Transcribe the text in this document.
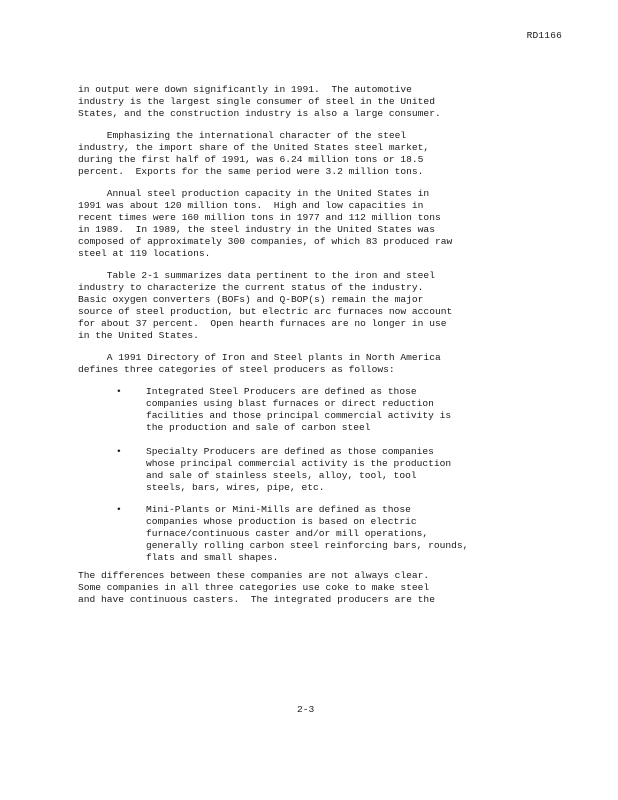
RD1166

in output were down significantly in 1991.  The automotive
industry is the largest single consumer of steel in the United
States, and the construction industry is also a large consumer.

Emphasizing the international character of the steel
industry, the import share of the United States steel market,
during the first half of 1991, was 6.24 million tons or 18.5
percent.  Exports for the same period were 3.2 million tons.

Annual steel production capacity in the United States in
1991 was about 120 million tons.  High and low capacities in
recent times were 160 million tons in 1977 and 112 million tons
in 1989.  In 1989, the steel industry in the United States was
composed of approximately 300 companies, of which 83 produced raw
steel at 119 locations.

Table 2-1 summarizes data pertinent to the iron and steel
industry to characterize the current status of the industry.
Basic oxygen converters (BOFs) and Q-BOP(s) remain the major
source of steel production, but electric arc furnaces now account
for about 37 percent.  Open hearth furnaces are no longer in use
in the United States.

A 1991 Directory of Iron and Steel plants in North America
defines three categories of steel producers as follows:

•	Integrated Steel Producers are defined as those
companies using blast furnaces or direct reduction
facilities and those principal commercial activity is
the production and sale of carbon steel

•	Specialty Producers are defined as those companies
whose principal commercial activity is the production
and sale of stainless steels, alloy, tool, tool
steels, bars, wires, pipe, etc.

•	Mini-Plants or Mini-Mills are defined as those
companies whose production is based on electric
furnace/continuous caster and/or mill operations,
generally rolling carbon steel reinforcing bars, rounds,
flats and small shapes.

The differences between these companies are not always clear.
Some companies in all three categories use coke to make steel
and have continuous casters.  The integrated producers are the

2-3
